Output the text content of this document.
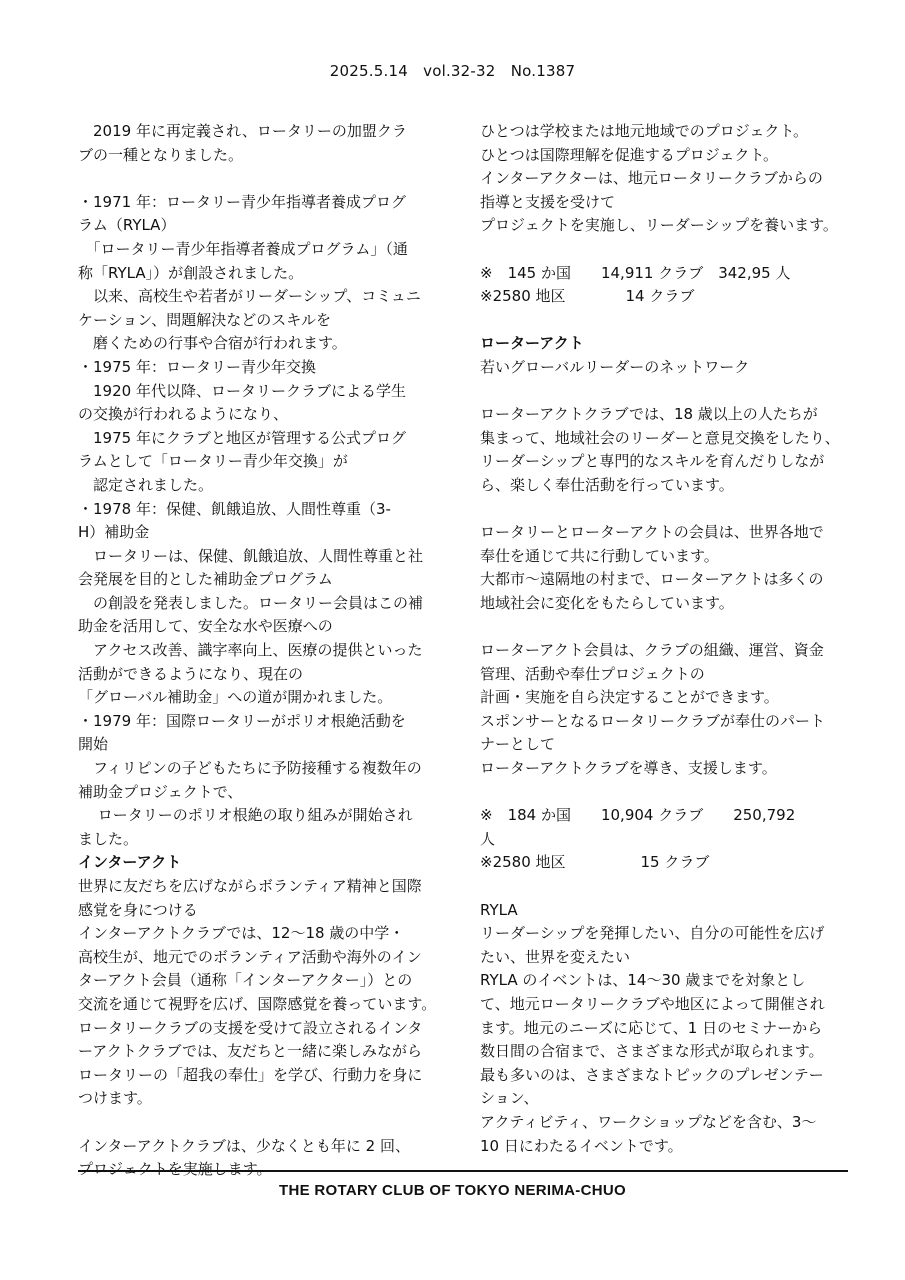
2025.5.14　vol.32-32　No.1387
　2019 年に再定義され、ロータリーの加盟クラ
ブの一種となりました。
・1971 年：ロータリー青少年指導者養成プログ
ラム（RYLA）
　「ロータリー青少年指導者養成プログラム」（通
称「RYLA」）が創設されました。
　以来、高校生や若者がリーダーシップ、コミュニ
ケーション、問題解決などのスキルを
　磨くための行事や合宿が行われます。
・1975 年：ロータリー青少年交換
　1920 年代以降、ロータリークラブによる学生
の交換が行われるようになり、
　1975 年にクラブと地区が管理する公式プログ
ラムとして「ロータリー青少年交換」が
　認定されました。
・1978 年：保健、飢餓追放、人間性尊重（3-
H）補助金
　ロータリーは、保健、飢餓追放、人間性尊重と社
会発展を目的とした補助金プログラム
　の創設を発表しました。ロータリー会員はこの補
助金を活用して、安全な水や医療への
　アクセス改善、識字率向上、医療の提供といった
活動ができるようになり、現在の
「グローバル補助金」への道が開かれました。
・1979 年：国際ロータリーがポリオ根絶活動を
開始
　フィリピンの子どもたちに予防接種する複数年の
補助金プロジェクトで、
　 ロータリーのポリオ根絶の取り組みが開始され
ました。
インターアクト
世界に友だちを広げながらボランティア精神と国際
感覚を身につける
インターアクトクラブでは、12～18 歳の中学・
高校生が、地元でのボランティア活動や海外のイン
ターアクト会員（通称「インターアクター」）との
交流を通じて視野を広げ、国際感覚を養っています。
ロータリークラブの支援を受けて設立されるインタ
ーアクトクラブでは、友だちと一緒に楽しみながら
ロータリーの「超我の奉仕」を学び、行動力を身に
つけます。
インターアクトクラブは、少なくとも年に 2 回、
プロジェクトを実施します。
ひとつは学校または地元地域でのプロジェクト。
ひとつは国際理解を促進するプロジェクト。
インターアクターは、地元ロータリークラブからの
指導と支援を受けて
プロジェクトを実施し、リーダーシップを養います。
※　145 か国　　14,911 クラブ　342,95 人
※2580 地区　　　　14 クラブ
ローターアクト
若いグローバルリーダーのネットワーク
ローターアクトクラブでは、18 歳以上の人たちが
集まって、地域社会のリーダーと意見交換をしたり、
リーダーシップと専門的なスキルを育んだりしなが
ら、楽しく奉仕活動を行っています。
ロータリーとローターアクトの会員は、世界各地で
奉仕を通じて共に行動しています。
大都市～遠隔地の村まで、ローターアクトは多くの
地域社会に変化をもたらしています。
ローターアクト会員は、クラブの組織、運営、資金
管理、活動や奉仕プロジェクトの
計画・実施を自ら決定することができます。
スポンサーとなるロータリークラブが奉仕のパート
ナーとして
ローターアクトクラブを導き、支援します。
※　184 か国　　10,904 クラブ　　250,792
人
※2580 地区　　　　　15 クラブ
RYLA
リーダーシップを発揮したい、自分の可能性を広げ
たい、世界を変えたい
RYLA のイベントは、14～30 歳までを対象とし
て、地元ロータリークラブや地区によって開催され
ます。地元のニーズに応じて、1 日のセミナーから
数日間の合宿まで、さまざまな形式が取られます。
最も多いのは、さまざまなトピックのプレゼンテー
ション、
アクティビティ、ワークショップなどを含む、3～
10 日にわたるイベントです。
THE ROTARY CLUB OF TOKYO NERIMA-CHUO
